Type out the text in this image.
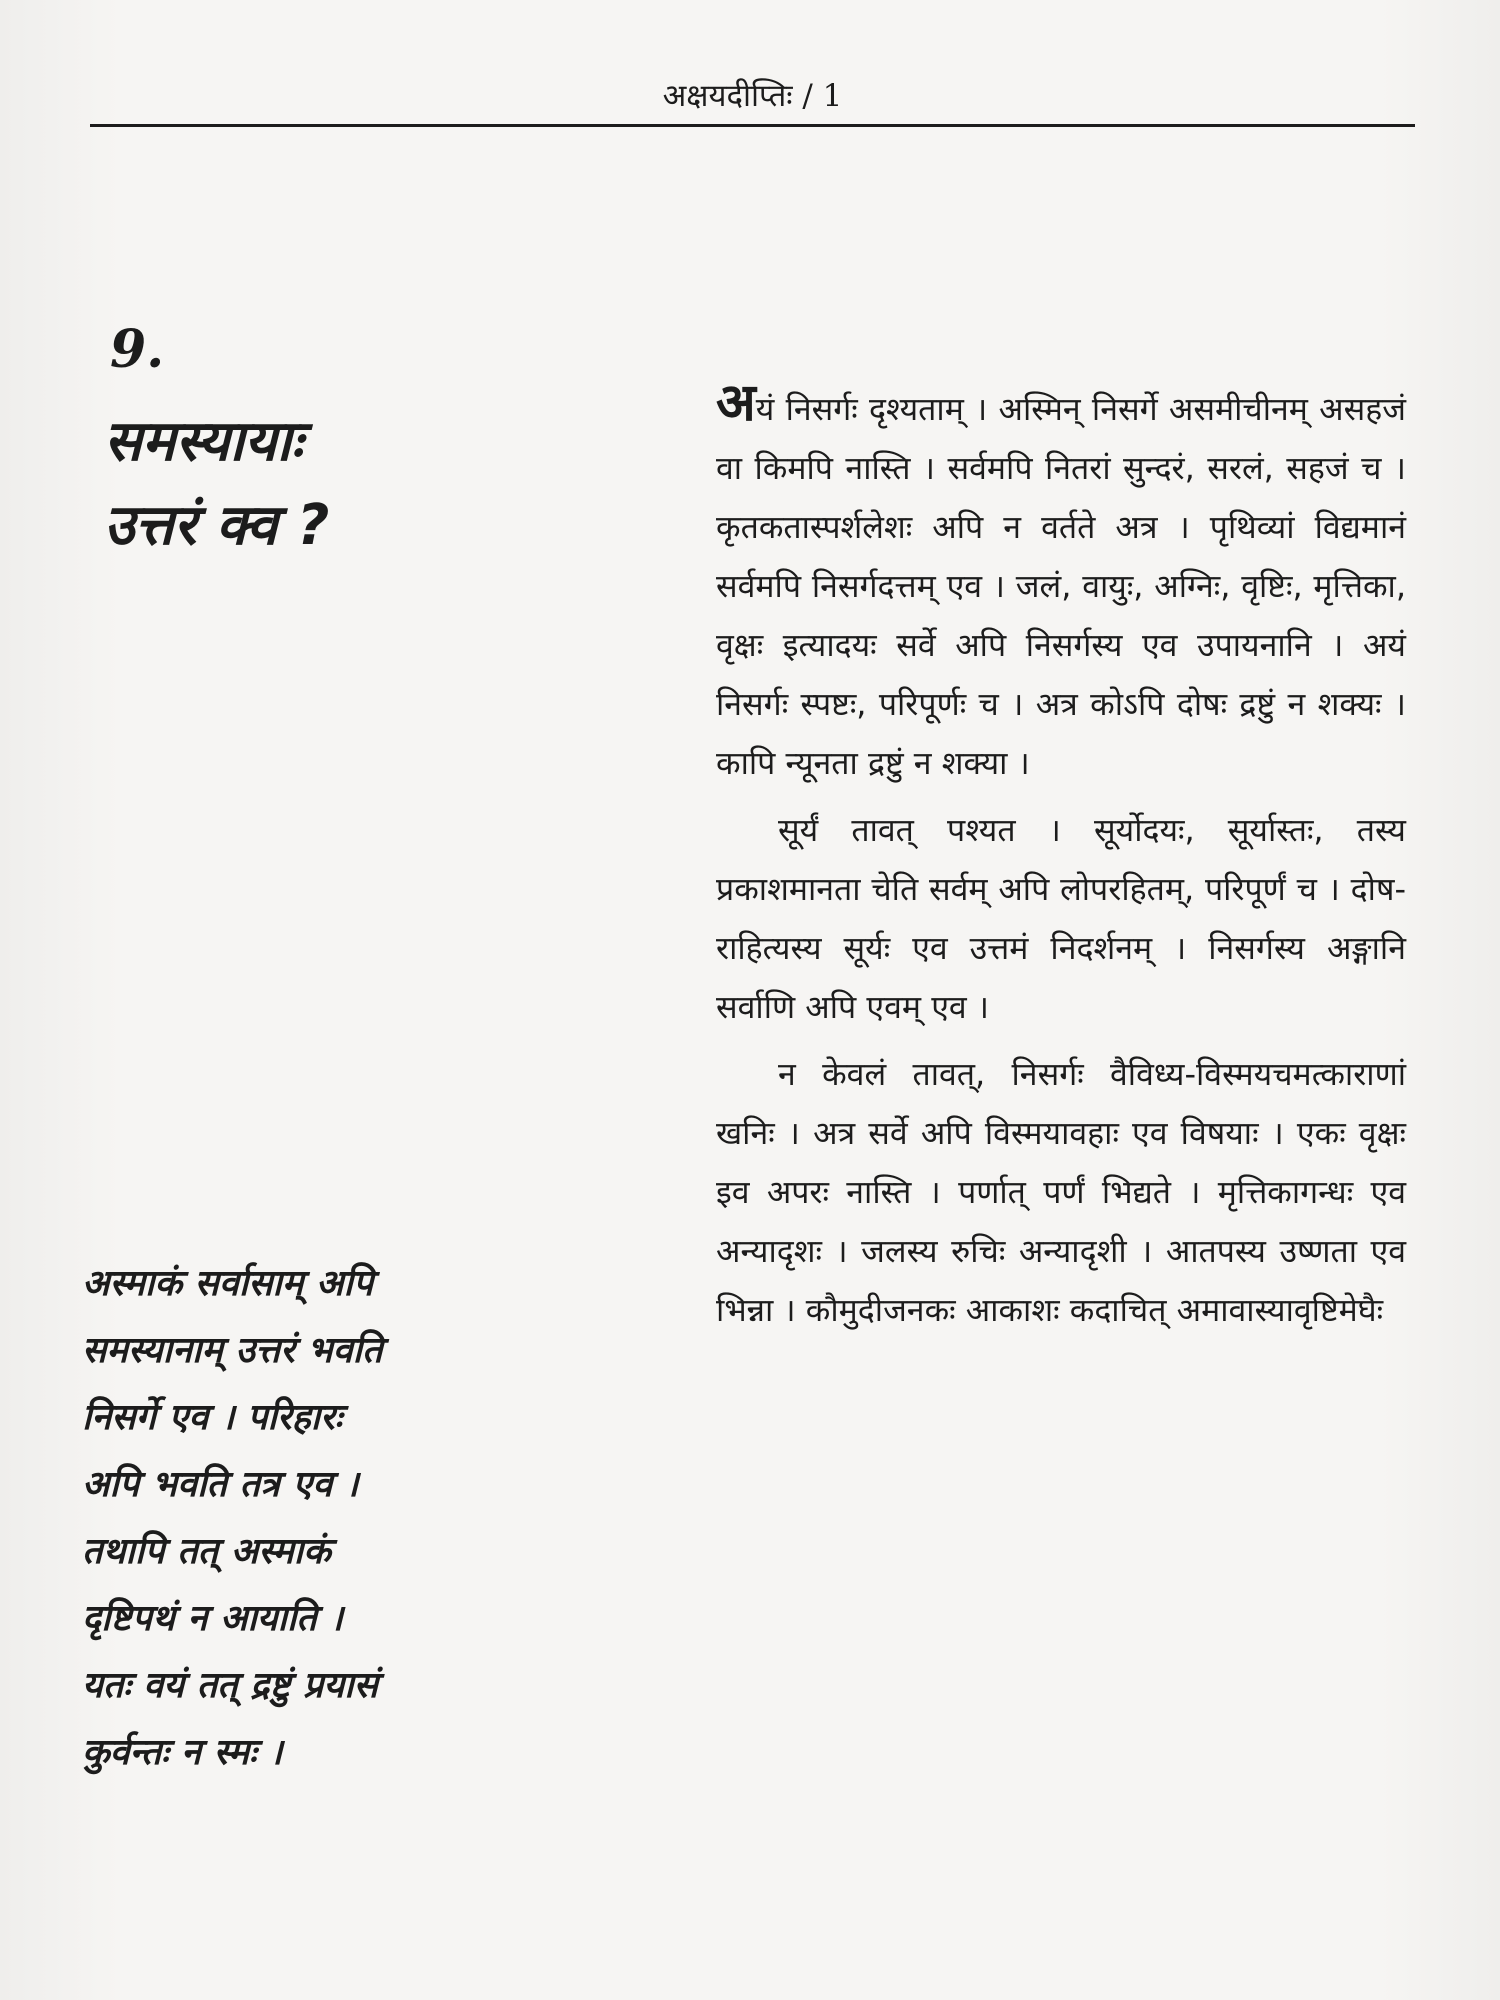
अक्षयदीप्तिः / 1
9.
समस्यायाः
उत्तरं क्व ?
अस्माकं सर्वासाम् अपि
समस्यानाम् उत्तरं भवति
निसर्गे एव । परिहारः
अपि भवति तत्र एव ।
तथापि तत् अस्माकं
दृष्टिपथं न आयाति ।
यतः वयं तत् द्रष्टुं प्रयासं
कुर्वन्तः न स्मः ।

अयं निसर्गः दृश्यताम् । अस्मिन् निसर्गे असमीचीनम् असहजं वा किमपि नास्ति । सर्वमपि नितरां सुन्दरं, सरलं, सहजं च । कृतकतास्पर्शलेशः अपि न वर्तते अत्र । पृथिव्यां विद्यमानं सर्वमपि निसर्गदत्तम् एव । जलं, वायुः, अग्निः, वृष्टिः, मृत्तिका, वृक्षः इत्यादयः सर्वे अपि निसर्गस्य एव उपायनानि । अयं निसर्गः स्पष्टः, परिपूर्णः च । अत्र कोऽपि दोषः द्रष्टुं न शक्यः । कापि न्यूनता द्रष्टुं न शक्या ।

सूर्यं तावत् पश्यत । सूर्योदयः, सूर्यास्तः, तस्य प्रकाशमानता चेति सर्वम् अपि लोपरहितम्, परिपूर्णं च । दोष-राहित्यस्य सूर्यः एव उत्तमं निदर्शनम् । निसर्गस्य अङ्गानि सर्वाणि अपि एवम् एव ।

न केवलं तावत्, निसर्गः वैविध्य-विस्मयचमत्काराणां खनिः । अत्र सर्वे अपि विस्मयावहाः एव विषयाः । एकः वृक्षः इव अपरः नास्ति । पर्णात् पर्णं भिद्यते । मृत्तिकागन्धः एव अन्यादृशः । जलस्य रुचिः अन्यादृशी । आतपस्य उष्णता एव भिन्ना । कौमुदीजनकः आकाशः कदाचित् अमावास्यावृष्टिमेघैः
